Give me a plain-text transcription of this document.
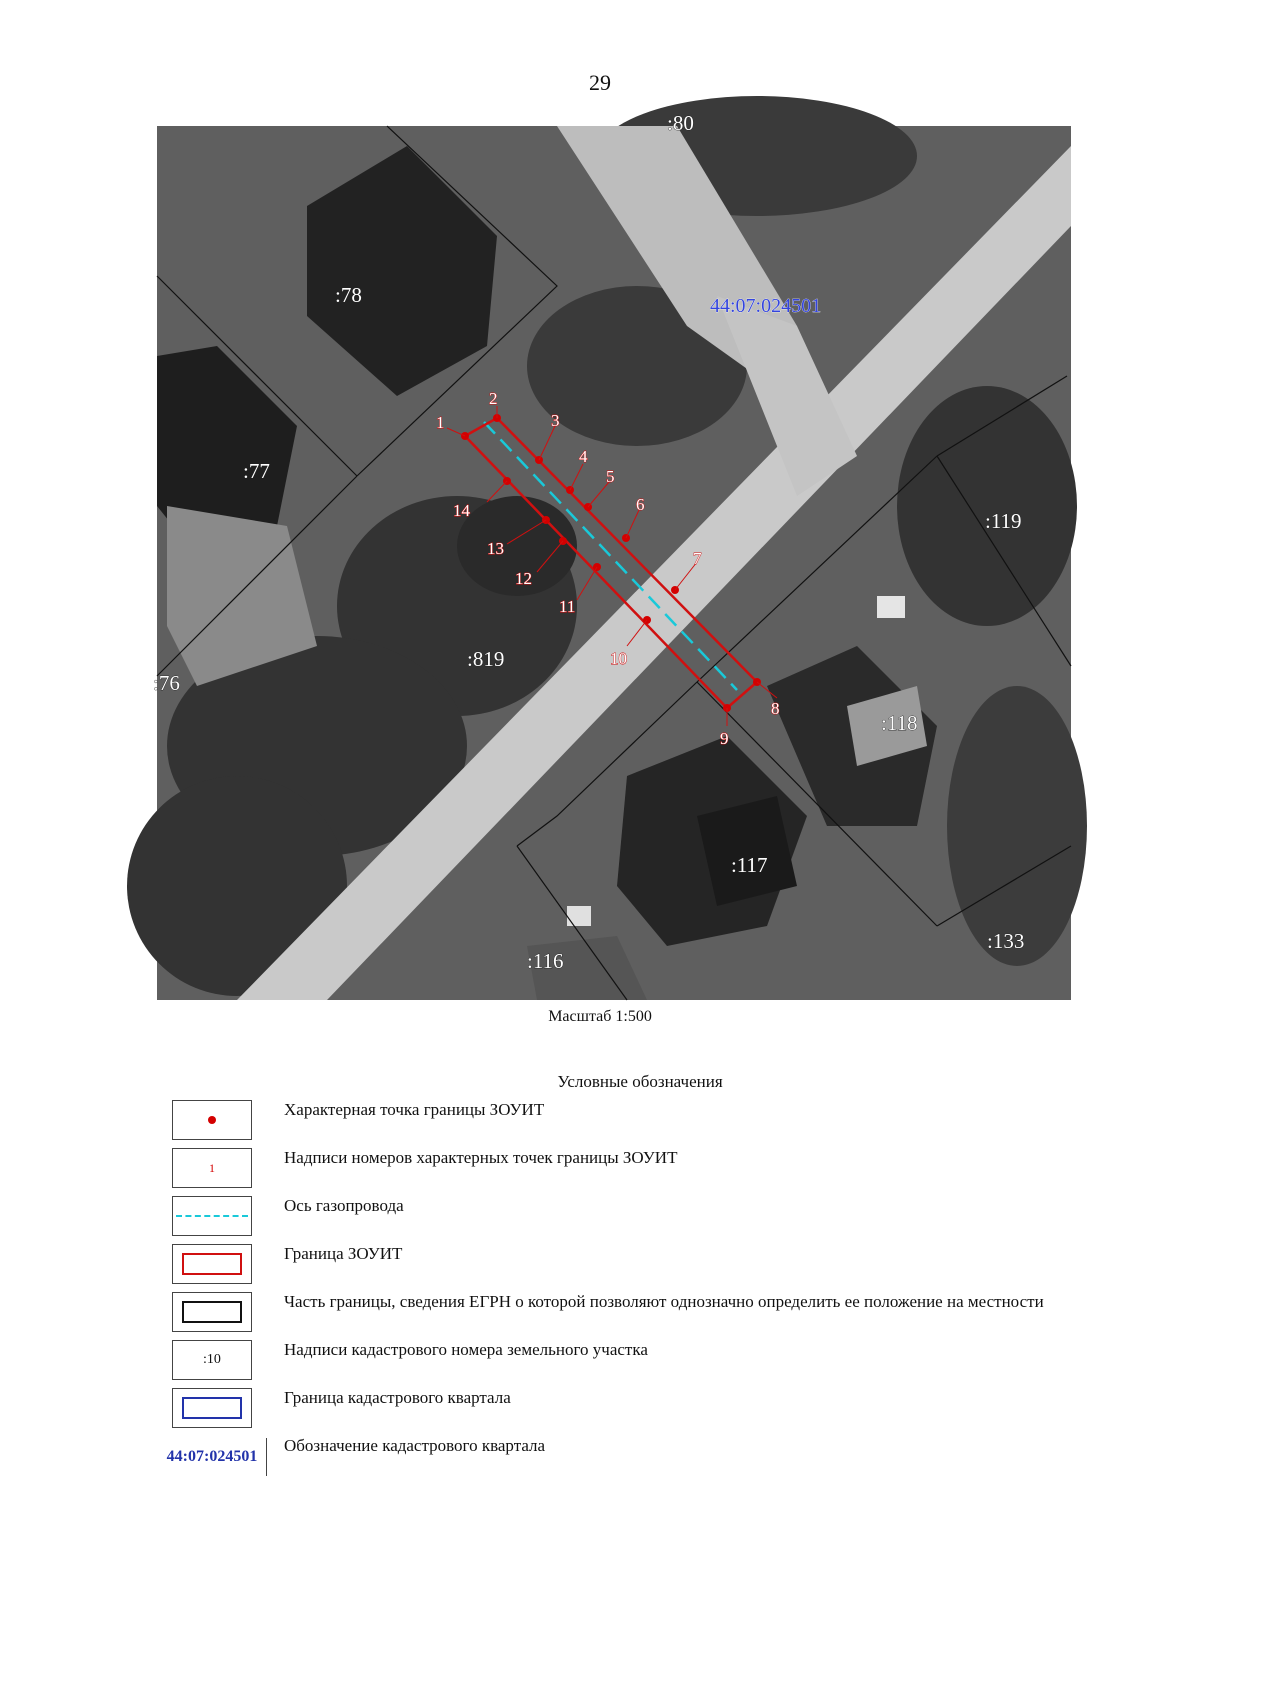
29
1
2
3
4
5
6
7
8
9
10
11
12
13
14
:78
:77
:76
:819
:119
:118
:117
:116
:133
:80
44:07:024501
Масштаб 1:500
Условные обозначения
Характерная точка границы ЗОУИТ
1
Надписи номеров характерных точек границы ЗОУИТ
Ось газопровода
Граница ЗОУИТ
Часть границы, сведения ЕГРН о которой позволяют однозначно определить ее положение на местности
:10
Надписи кадастрового номера земельного участка
Граница кадастрового квартала
44:07:024501
Обозначение кадастрового квартала
